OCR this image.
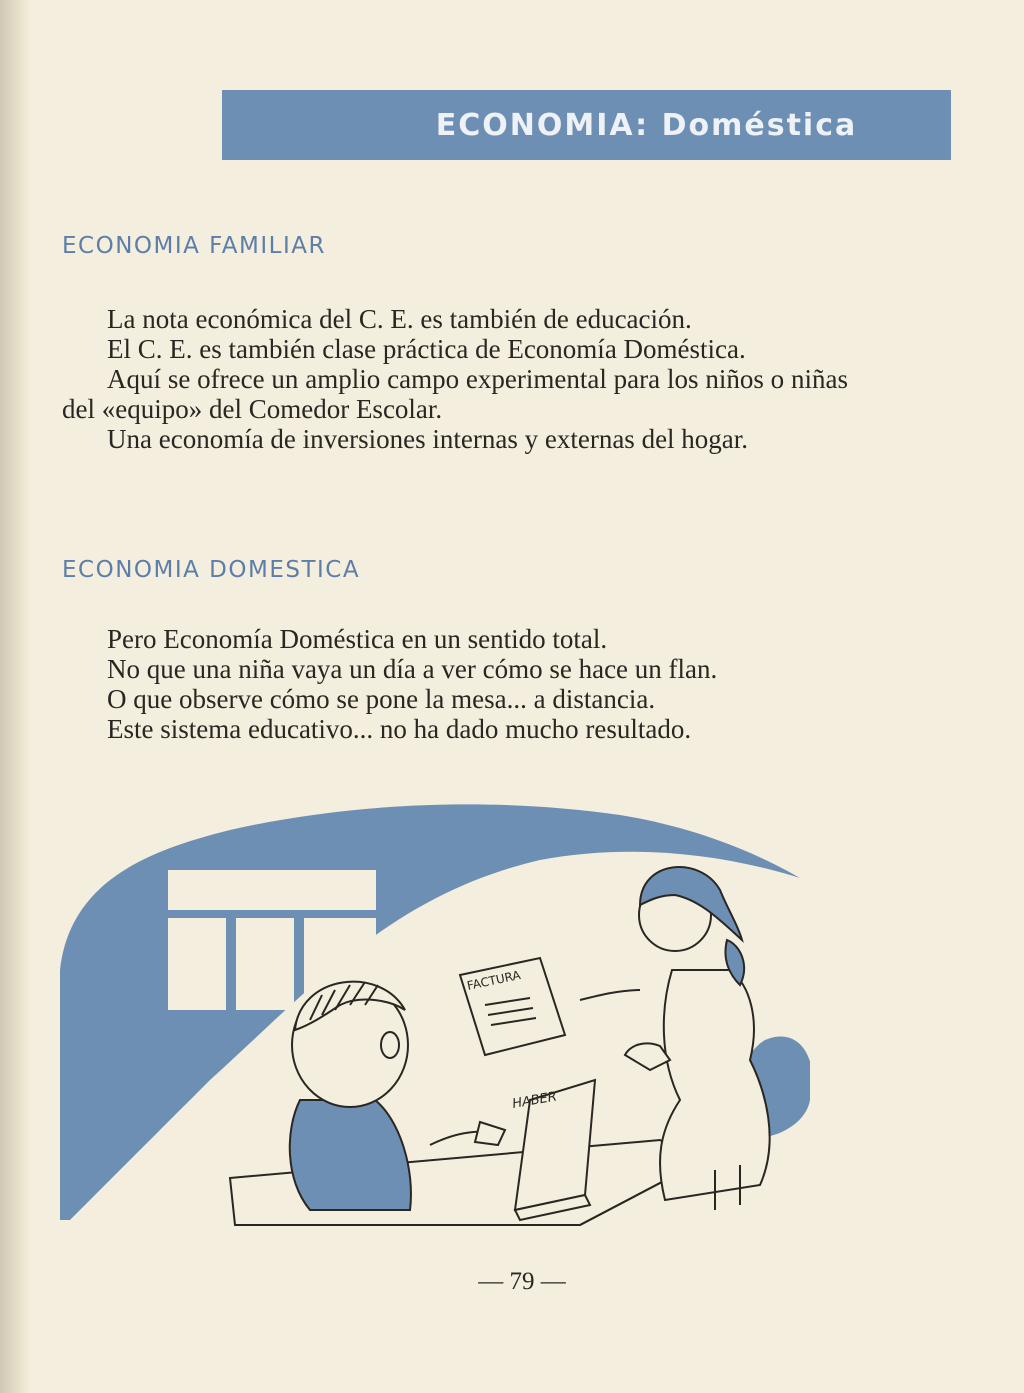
ECONOMIA: Doméstica
ECONOMIA FAMILIAR

La nota económica del C. E. es también de educación.

El C. E. es también clase práctica de Economía Doméstica.

Aquí se ofrece un amplio campo experimental para los niños o niñas del «equipo» del Comedor Escolar.

Una economía de inversiones internas y externas del hogar.

ECONOMIA DOMESTICA

Pero Economía Doméstica en un sentido total.

No que una niña vaya un día a ver cómo se hace un flan.

O que observe cómo se pone la mesa... a distancia.

Este sistema educativo... no ha dado mucho resultado.

HABER
FACTURA
— 79 —
